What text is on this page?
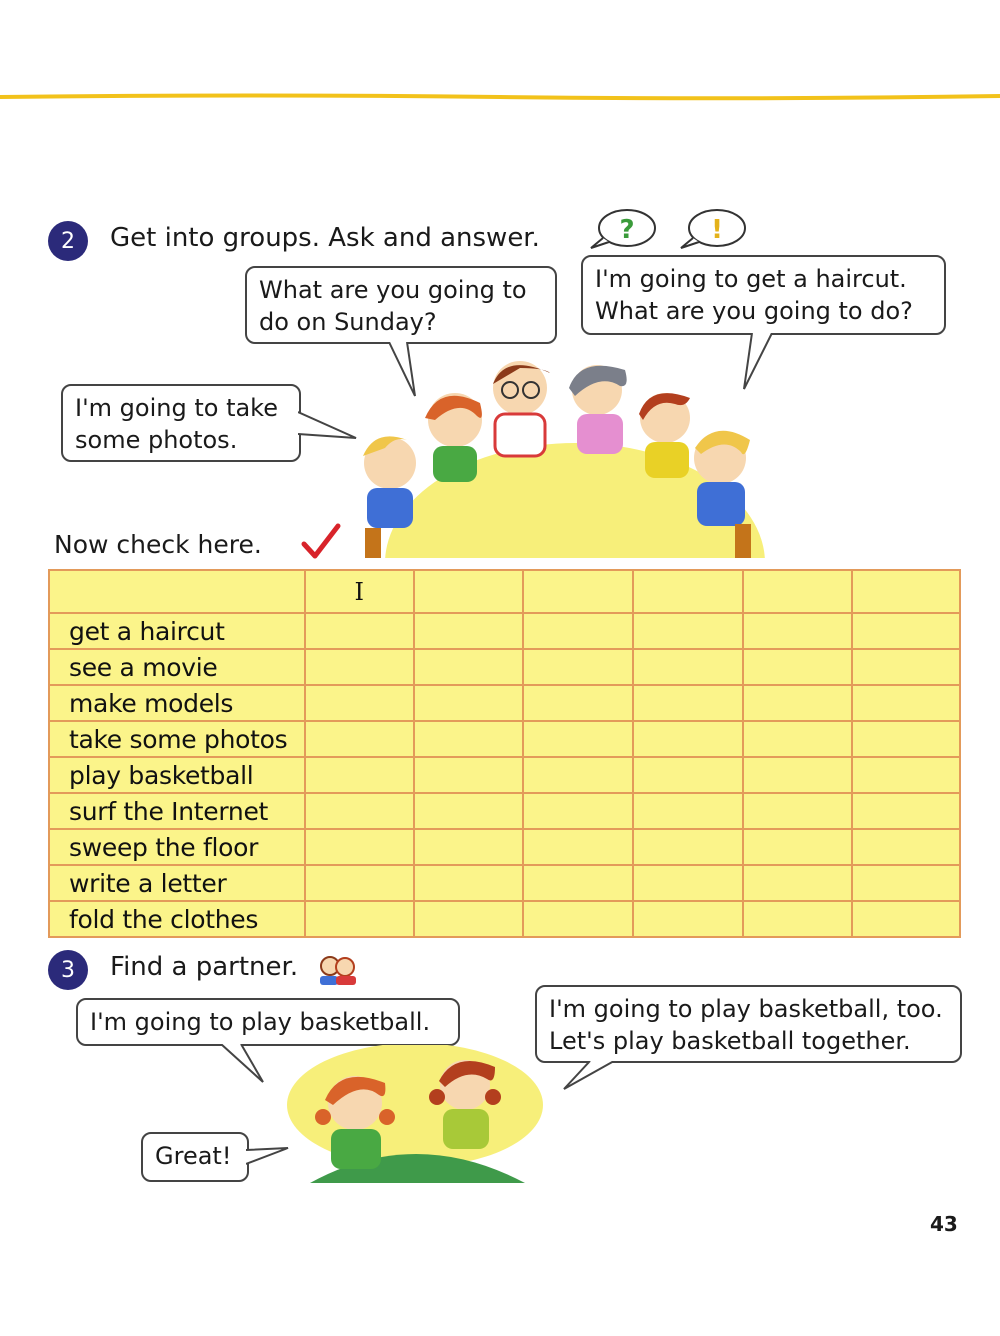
2	Get into groups. Ask and answer.	?	!
What are you going to
do on Sunday?
I'm going to get a haircut.
What are you going to do?
I'm going to take
some photos.
Now check here.
	I					
get a haircut						
see a movie						
make models						
take some photos						
play basketball						
surf the Internet						
sweep the floor						
write a letter						
fold the clothes						
3	Find a partner.
I'm going to play basketball.	I'm going to play basketball, too.
Let's play basketball together.
Great!
43
